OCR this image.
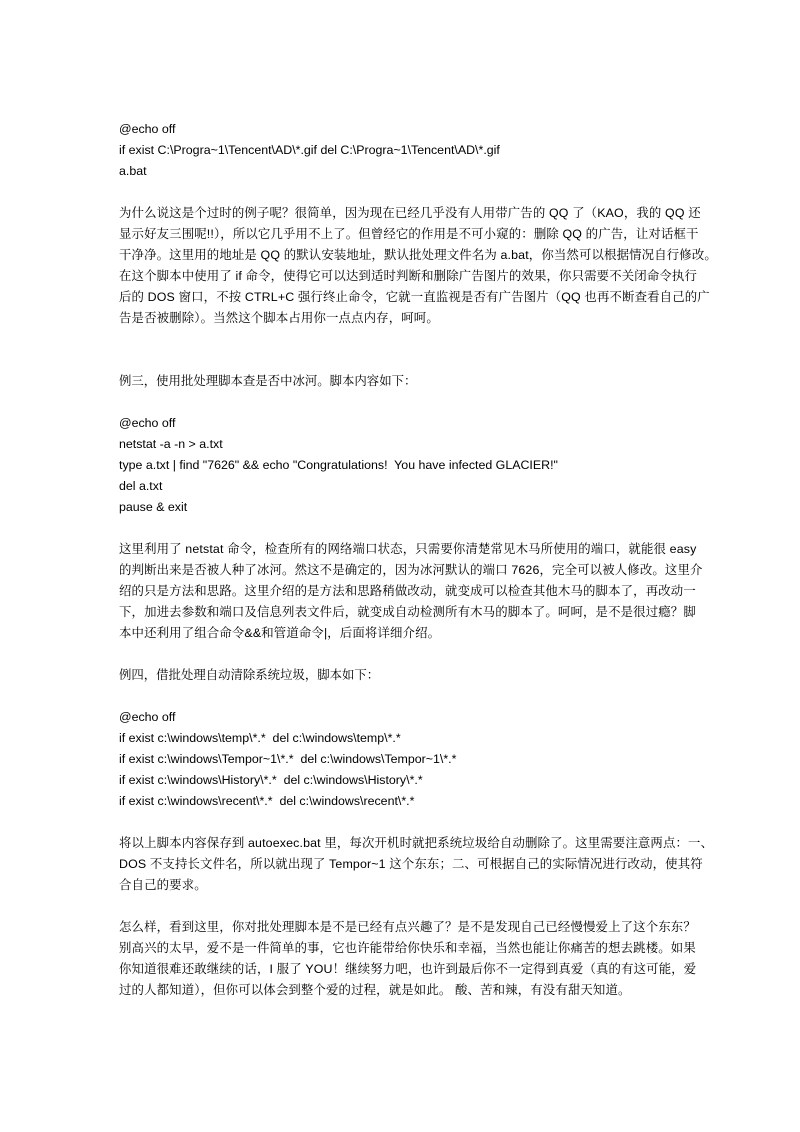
@echo off
if exist C:\Progra~1\Tencent\AD\*.gif del C:\Progra~1\Tencent\AD\*.gif
a.bat
为什么说这是个过时的例子呢？很简单，因为现在已经几乎没有人用带广告的 QQ 了（KAO，我的 QQ 还
显示好友三围呢!!），所以它几乎用不上了。但曾经它的作用是不可小窥的：删除 QQ 的广告，让对话框干
干净净。这里用的地址是 QQ 的默认安装地址，默认批处理文件名为 a.bat，你当然可以根据情况自行修改。
在这个脚本中使用了 if 命令，使得它可以达到适时判断和删除广告图片的效果，你只需要不关闭命令执行
后的 DOS 窗口，不按 CTRL+C 强行终止命令，它就一直监视是否有广告图片（QQ 也再不断查看自己的广
告是否被删除）。当然这个脚本占用你一点点内存，呵呵。
例三，使用批处理脚本查是否中冰河。脚本内容如下：
@echo off
netstat -a -n > a.txt
type a.txt | find "7626" && echo "Congratulations!  You have infected GLACIER!"
del a.txt
pause & exit
这里利用了 netstat 命令，检查所有的网络端口状态，只需要你清楚常见木马所使用的端口，就能很 easy
的判断出来是否被人种了冰河。然这不是确定的，因为冰河默认的端口 7626，完全可以被人修改。这里介
绍的只是方法和思路。这里介绍的是方法和思路稍做改动，就变成可以检查其他木马的脚本了，再改动一
下，加进去参数和端口及信息列表文件后，就变成自动检测所有木马的脚本了。呵呵，是不是很过瘾？脚
本中还利用了组合命令&&和管道命令|，后面将详细介绍。
例四，借批处理自动清除系统垃圾，脚本如下：
@echo off
if exist c:\windows\temp\*.*  del c:\windows\temp\*.*
if exist c:\windows\Tempor~1\*.*  del c:\windows\Tempor~1\*.*
if exist c:\windows\History\*.*  del c:\windows\History\*.*
if exist c:\windows\recent\*.*  del c:\windows\recent\*.*
将以上脚本内容保存到 autoexec.bat 里，每次开机时就把系统垃圾给自动删除了。这里需要注意两点：一、
DOS 不支持长文件名，所以就出现了 Tempor~1 这个东东；二、可根据自己的实际情况进行改动，使其符
合自己的要求。
怎么样，看到这里，你对批处理脚本是不是已经有点兴趣了？是不是发现自己已经慢慢爱上了这个东东？
别高兴的太早，爱不是一件简单的事，它也许能带给你快乐和幸福，当然也能让你痛苦的想去跳楼。如果
你知道很难还敢继续的话，I 服了 YOU！继续努力吧，也许到最后你不一定得到真爱（真的有这可能，爱
过的人都知道），但你可以体会到整个爱的过程，就是如此。 酸、苦和辣，有没有甜天知道。
